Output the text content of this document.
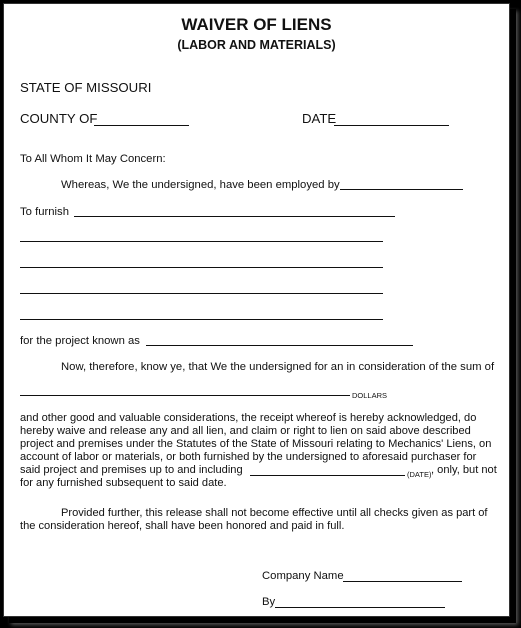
WAIVER OF LIENS
(LABOR AND MATERIALS)
STATE OF MISSOURI
COUNTY OF	DATE
To All Whom It May Concern:
Whereas, We the undersigned, have been employed by
To furnish
for the project known as
Now, therefore, know ye, that We the undersigned for an in consideration of the sum of
DOLLARS
and other good and valuable considerations, the receipt whereof is hereby acknowledged, do
hereby waive and release any and all lien, and claim or right to lien on said above described
project and premises under the Statutes of the State of Missouri relating to Mechanics' Liens, on
account of labor or materials, or both furnished by the undersigned to aforesaid purchaser for
said project and premises up to and including	(DATE) , only, but not
for any furnished subsequent to said date.
Provided further, this release shall not become effective until all checks given as part of
the consideration hereof, shall have been honored and paid in full.
Company Name
By
